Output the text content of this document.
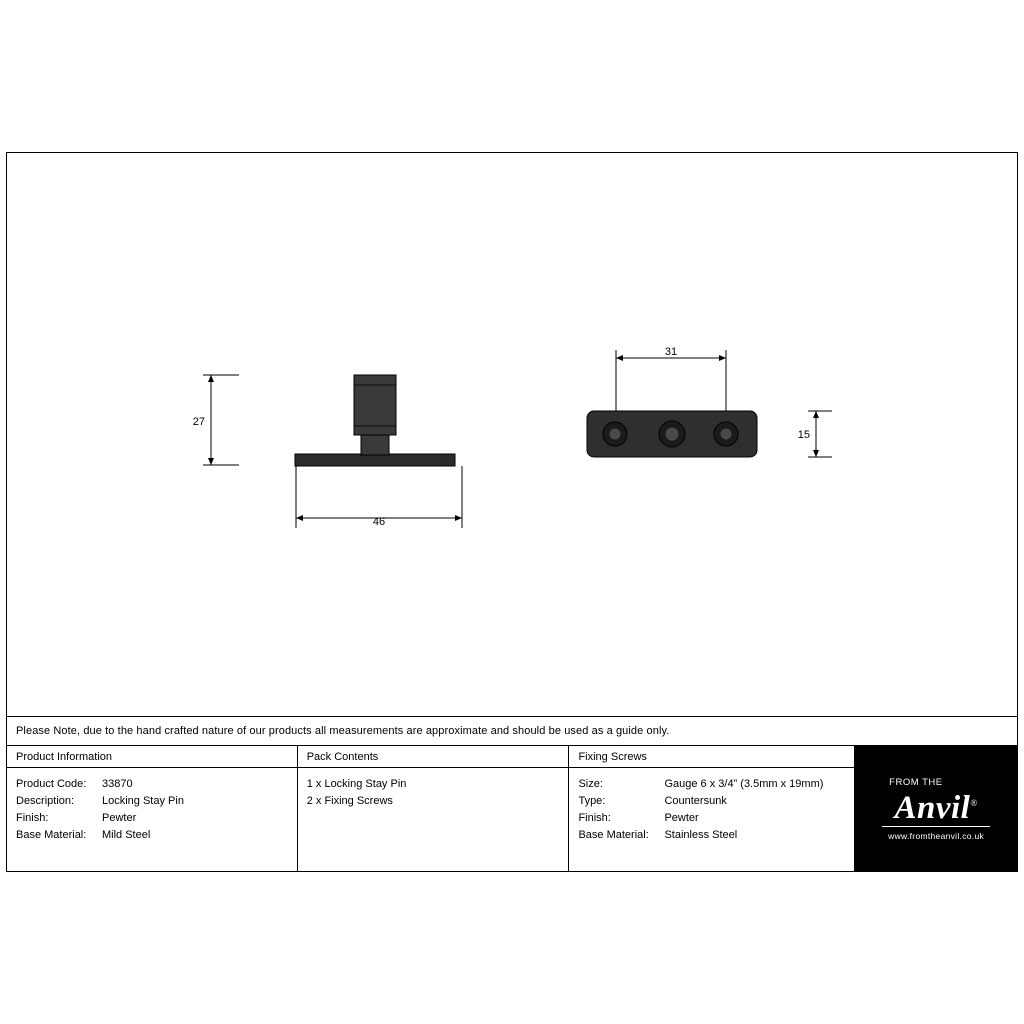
27
46
31
15
Please Note, due to the hand crafted nature of our products all measurements are approximate and should be used as a guide only.
Product Information
Product Code:	33870
Description:	Locking Stay Pin
Finish:	Pewter
Base Material:	Mild Steel
Pack Contents
1 x Locking Stay Pin
2 x Fixing Screws
Fixing Screws
Size:	Gauge 6 x 3/4” (3.5mm x 19mm)
Type:	Countersunk
Finish:	Pewter
Base Material:	Stainless Steel
FROM THE
Anvil®
www.fromtheanvil.co.uk
